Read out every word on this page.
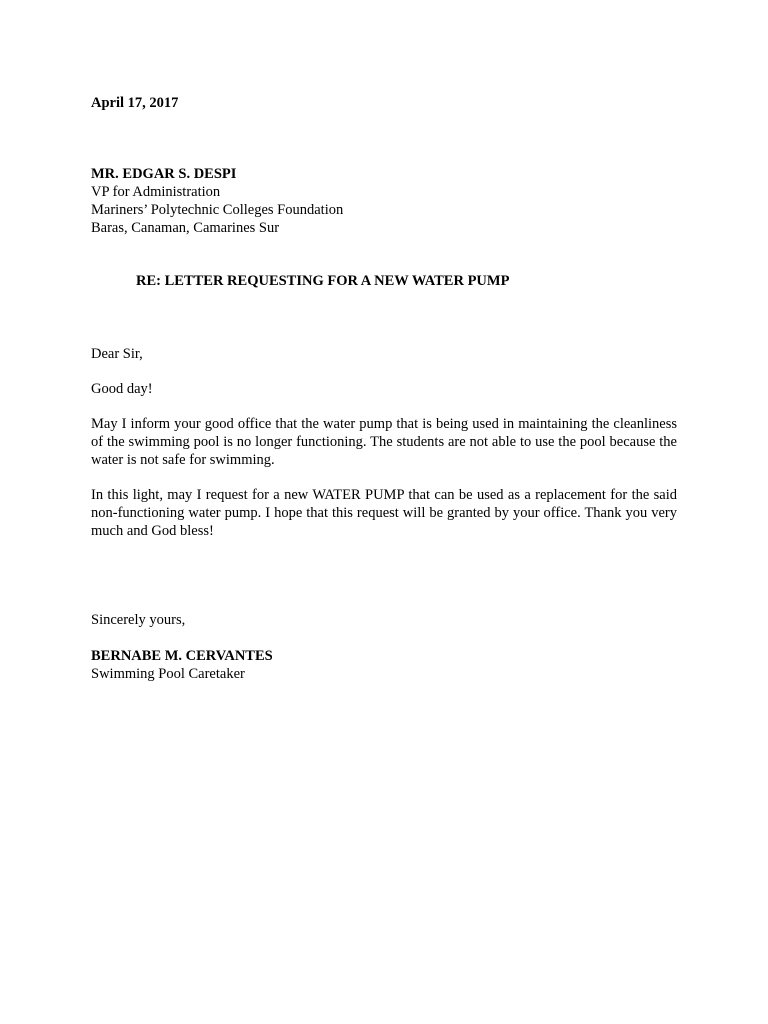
April 17, 2017
MR. EDGAR S. DESPI
VP for Administration
Mariners’ Polytechnic Colleges Foundation
Baras, Canaman, Camarines Sur
RE: LETTER REQUESTING FOR A NEW WATER PUMP
Dear Sir,
Good day!
May I inform your good office that the water pump that is being used in maintaining the cleanliness of the swimming pool is no longer functioning. The students are not able to use the pool because the water is not safe for swimming.
In this light, may I request for a new WATER PUMP that can be used as a replacement for the said non-functioning water pump. I hope that this request will be granted by your office. Thank you very much and God bless!
Sincerely yours,
BERNABE M. CERVANTES
Swimming Pool Caretaker
